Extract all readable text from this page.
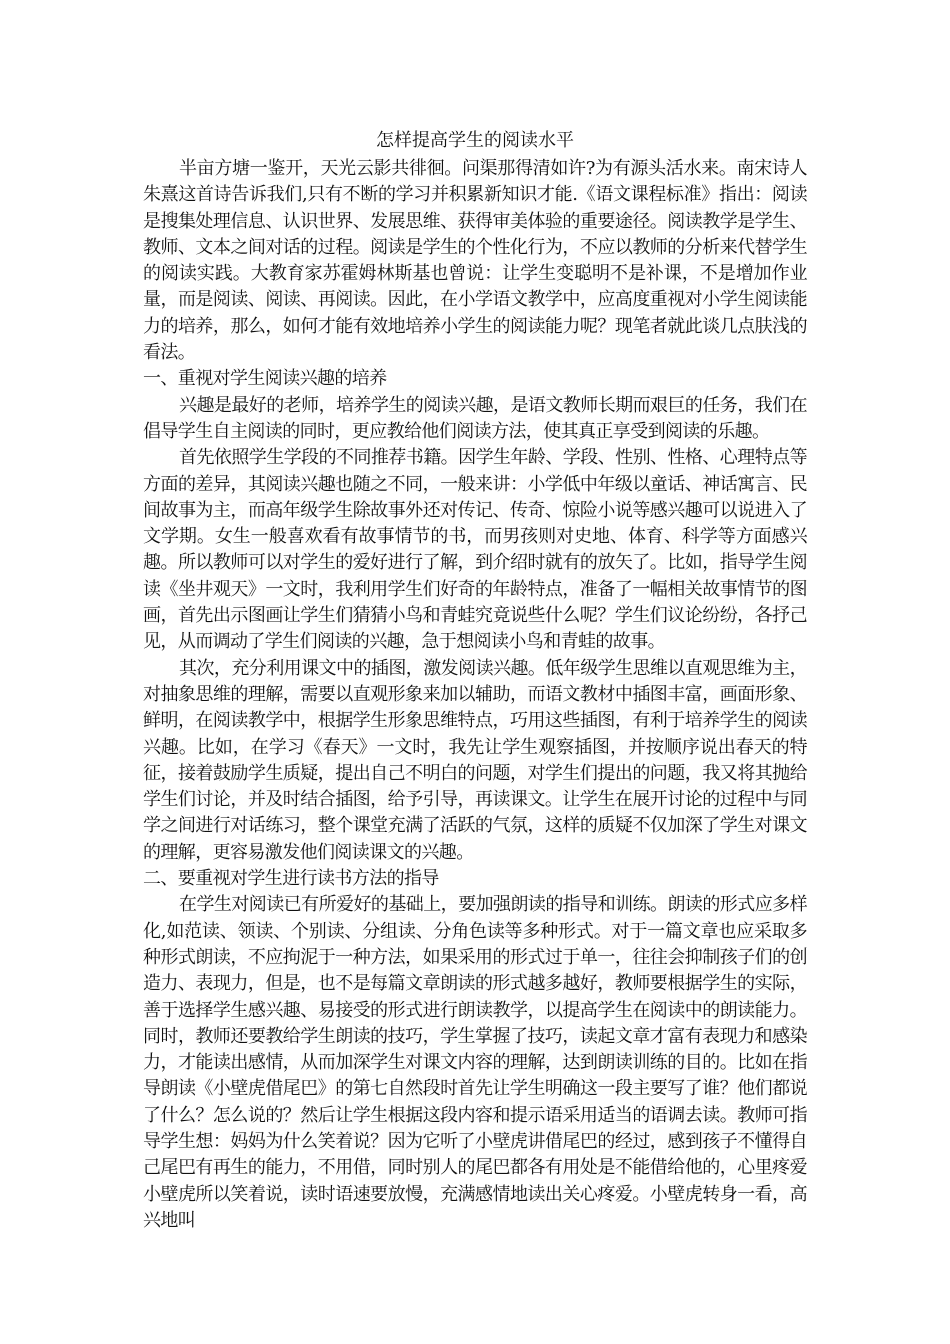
怎样提高学生的阅读水平

半亩方塘一鉴开，天光云影共徘徊。问渠那得清如许?为有源头活水来。南宋诗人朱熹这首诗告诉我们,只有不断的学习并积累新知识才能.《语文课程标准》指出：阅读是搜集处理信息、认识世界、发展思维、获得审美体验的重要途径。阅读教学是学生、教师、文本之间对话的过程。阅读是学生的个性化行为，不应以教师的分析来代替学生的阅读实践。大教育家苏霍姆林斯基也曾说：让学生变聪明不是补课，不是增加作业量，而是阅读、阅读、再阅读。因此，在小学语文教学中，应高度重视对小学生阅读能力的培养，那么，如何才能有效地培养小学生的阅读能力呢？现笔者就此谈几点肤浅的看法。

一、重视对学生阅读兴趣的培养

兴趣是最好的老师，培养学生的阅读兴趣，是语文教师长期而艰巨的任务，我们在倡导学生自主阅读的同时，更应教给他们阅读方法，使其真正享受到阅读的乐趣。

首先依照学生学段的不同推荐书籍。因学生年龄、学段、性别、性格、心理特点等方面的差异，其阅读兴趣也随之不同，一般来讲：小学低中年级以童话、神话寓言、民间故事为主，而高年级学生除故事外还对传记、传奇、惊险小说等感兴趣可以说进入了文学期。女生一般喜欢看有故事情节的书，而男孩则对史地、体育、科学等方面感兴趣。所以教师可以对学生的爱好进行了解，到介绍时就有的放矢了。比如，指导学生阅读《坐井观天》一文时，我利用学生们好奇的年龄特点，准备了一幅相关故事情节的图画，首先出示图画让学生们猜猜小鸟和青蛙究竟说些什么呢？学生们议论纷纷，各抒己见，从而调动了学生们阅读的兴趣，急于想阅读小鸟和青蛙的故事。

其次，充分利用课文中的插图，激发阅读兴趣。低年级学生思维以直观思维为主，对抽象思维的理解，需要以直观形象来加以辅助，而语文教材中插图丰富，画面形象、鲜明，在阅读教学中，根据学生形象思维特点，巧用这些插图，有利于培养学生的阅读兴趣。比如，在学习《春天》一文时，我先让学生观察插图，并按顺序说出春天的特征，接着鼓励学生质疑，提出自己不明白的问题，对学生们提出的问题，我又将其抛给学生们讨论，并及时结合插图，给予引导，再读课文。让学生在展开讨论的过程中与同学之间进行对话练习，整个课堂充满了活跃的气氛，这样的质疑不仅加深了学生对课文的理解，更容易激发他们阅读课文的兴趣。

二、要重视对学生进行读书方法的指导

在学生对阅读已有所爱好的基础上，要加强朗读的指导和训练。朗读的形式应多样化,如范读、领读、个别读、分组读、分角色读等多种形式。对于一篇文章也应采取多种形式朗读，不应拘泥于一种方法，如果采用的形式过于单一，往往会抑制孩子们的创造力、表现力，但是，也不是每篇文章朗读的形式越多越好，教师要根据学生的实际，善于选择学生感兴趣、易接受的形式进行朗读教学，以提高学生在阅读中的朗读能力。同时，教师还要教给学生朗读的技巧，学生掌握了技巧，读起文章才富有表现力和感染力，才能读出感情，从而加深学生对课文内容的理解，达到朗读训练的目的。比如在指导朗读《小壁虎借尾巴》的第七自然段时首先让学生明确这一段主要写了谁？他们都说了什么？怎么说的？然后让学生根据这段内容和提示语采用适当的语调去读。教师可指导学生想：妈妈为什么笑着说？因为它听了小壁虎讲借尾巴的经过，感到孩子不懂得自己尾巴有再生的能力，不用借，同时别人的尾巴都各有用处是不能借给他的，心里疼爱小壁虎所以笑着说，读时语速要放慢，充满感情地读出关心疼爱。小壁虎转身一看，高兴地叫
